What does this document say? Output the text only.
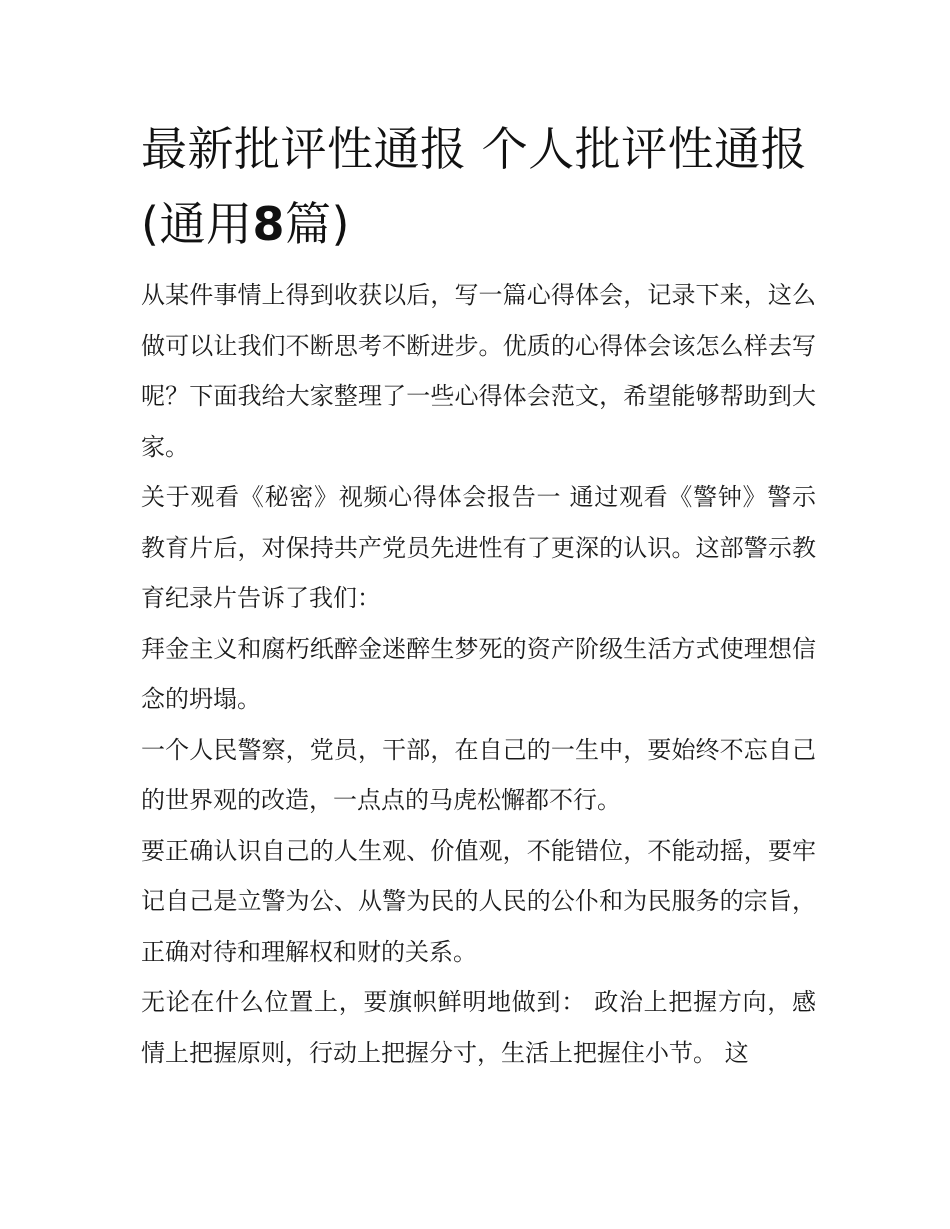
最新批评性通报 个人批评性通报(通用8篇)

从某件事情上得到收获以后，写一篇心得体会，记录下来，这么做可以让我们不断思考不断进步。优质的心得体会该怎么样去写呢？下面我给大家整理了一些心得体会范文，希望能够帮助到大家。

关于观看《秘密》视频心得体会报告一 通过观看《警钟》警示教育片后，对保持共产党员先进性有了更深的认识。这部警示教育纪录片告诉了我们：

拜金主义和腐朽纸醉金迷醉生梦死的资产阶级生活方式使理想信念的坍塌。

一个人民警察，党员，干部，在自己的一生中，要始终不忘自己的世界观的改造，一点点的马虎松懈都不行。

要正确认识自己的人生观、价值观，不能错位，不能动摇，要牢记自己是立警为公、从警为民的人民的公仆和为民服务的宗旨，正确对待和理解权和财的关系。

无论在什么位置上，要旗帜鲜明地做到： 政治上把握方向，感情上把握原则，行动上把握分寸，生活上把握住小节。 这
